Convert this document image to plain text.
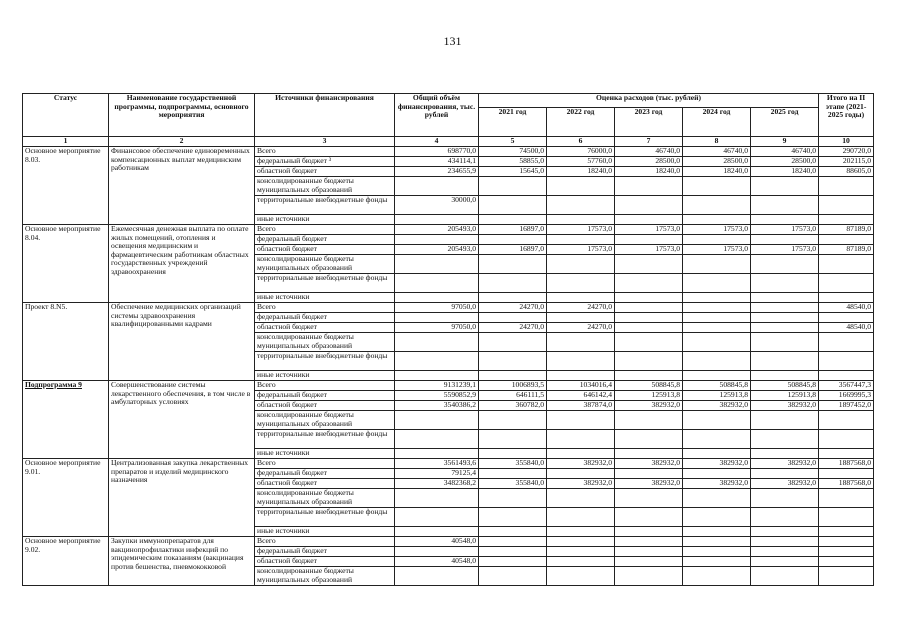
131
Статус	Наименование государственной программы, подпрограммы, основного мероприятия	Источники финансирования	Общий объём финансирования, тыс. рублей	Оценка расходов (тыс. рублей)					Итого на II этапе (2021-2025 годы)
				2021 год	2022 год	2023 год	2024 год	2025 год	
1	2	3	4	5	6	7	8	9	10
Основное мероприятие 8.03.	Финансовое обеспечение единовременных компенсационных выплат медицинским работникам	Всего	698770,0	74500,0	76000,0	46740,0	46740,0	46740,0	290720,0
		федеральный бюджет ³	434114,1	58855,0	57760,0	28500,0	28500,0	28500,0	202115,0
		областной бюджет	234655,9	15645,0	18240,0	18240,0	18240,0	18240,0	88605,0
		консолидированные бюджеты муниципальных образований							
		территориальные внебюджетные фонды	30000,0						
		иные источники							
Основное мероприятие 8.04.	Ежемесячная денежная выплата по оплате жилых помещений, отопления и освещения медицинским и фармацевтическим работникам областных государственных учреждений здравоохранения	Всего	205493,0	16897,0	17573,0	17573,0	17573,0	17573,0	87189,0
		федеральный бюджет							
		областной бюджет	205493,0	16897,0	17573,0	17573,0	17573,0	17573,0	87189,0
		консолидированные бюджеты муниципальных образований							
		территориальные внебюджетные фонды							
		иные источники							
Проект 8.N5.	Обеспечение медицинских организаций системы здравоохранения квалифицированными кадрами	Всего	97050,0	24270,0	24270,0				48540,0
		федеральный бюджет							
		областной бюджет	97050,0	24270,0	24270,0				48540,0
		консолидированные бюджеты муниципальных образований							
		территориальные внебюджетные фонды							
		иные источники							
Подпрограмма 9	Совершенствование системы лекарственного обеспечения, в том числе в амбулаторных условиях	Всего	9131239,1	1006893,5	1034016,4	508845,8	508845,8	508845,8	3567447,3
		федеральный бюджет	5590852,9	646111,5	646142,4	125913,8	125913,8	125913,8	1669995,3
		областной бюджет	3540386,2	360782,0	387874,0	382932,0	382932,0	382932,0	1897452,0
		консолидированные бюджеты муниципальных образований							
		территориальные внебюджетные фонды							
		иные источники							
Основное мероприятие 9.01.	Централизованная закупка лекарственных препаратов и изделий медицинского назначения	Всего	3561493,6	355840,0	382932,0	382932,0	382932,0	382932,0	1887568,0
		федеральный бюджет	79125,4						
		областной бюджет	3482368,2	355840,0	382932,0	382932,0	382932,0	382932,0	1887568,0
		консолидированные бюджеты муниципальных образований							
		территориальные внебюджетные фонды							
		иные источники							
Основное мероприятие 9.02.	Закупки иммунопрепаратов для вакцинопрофилактики инфекций по эпидемическим показаниям (вакцинация против бешенства, пневмококковой	Всего	40548,0						
		федеральный бюджет							
		областной бюджет	40548,0						
		консолидированные бюджеты муниципальных образований							
